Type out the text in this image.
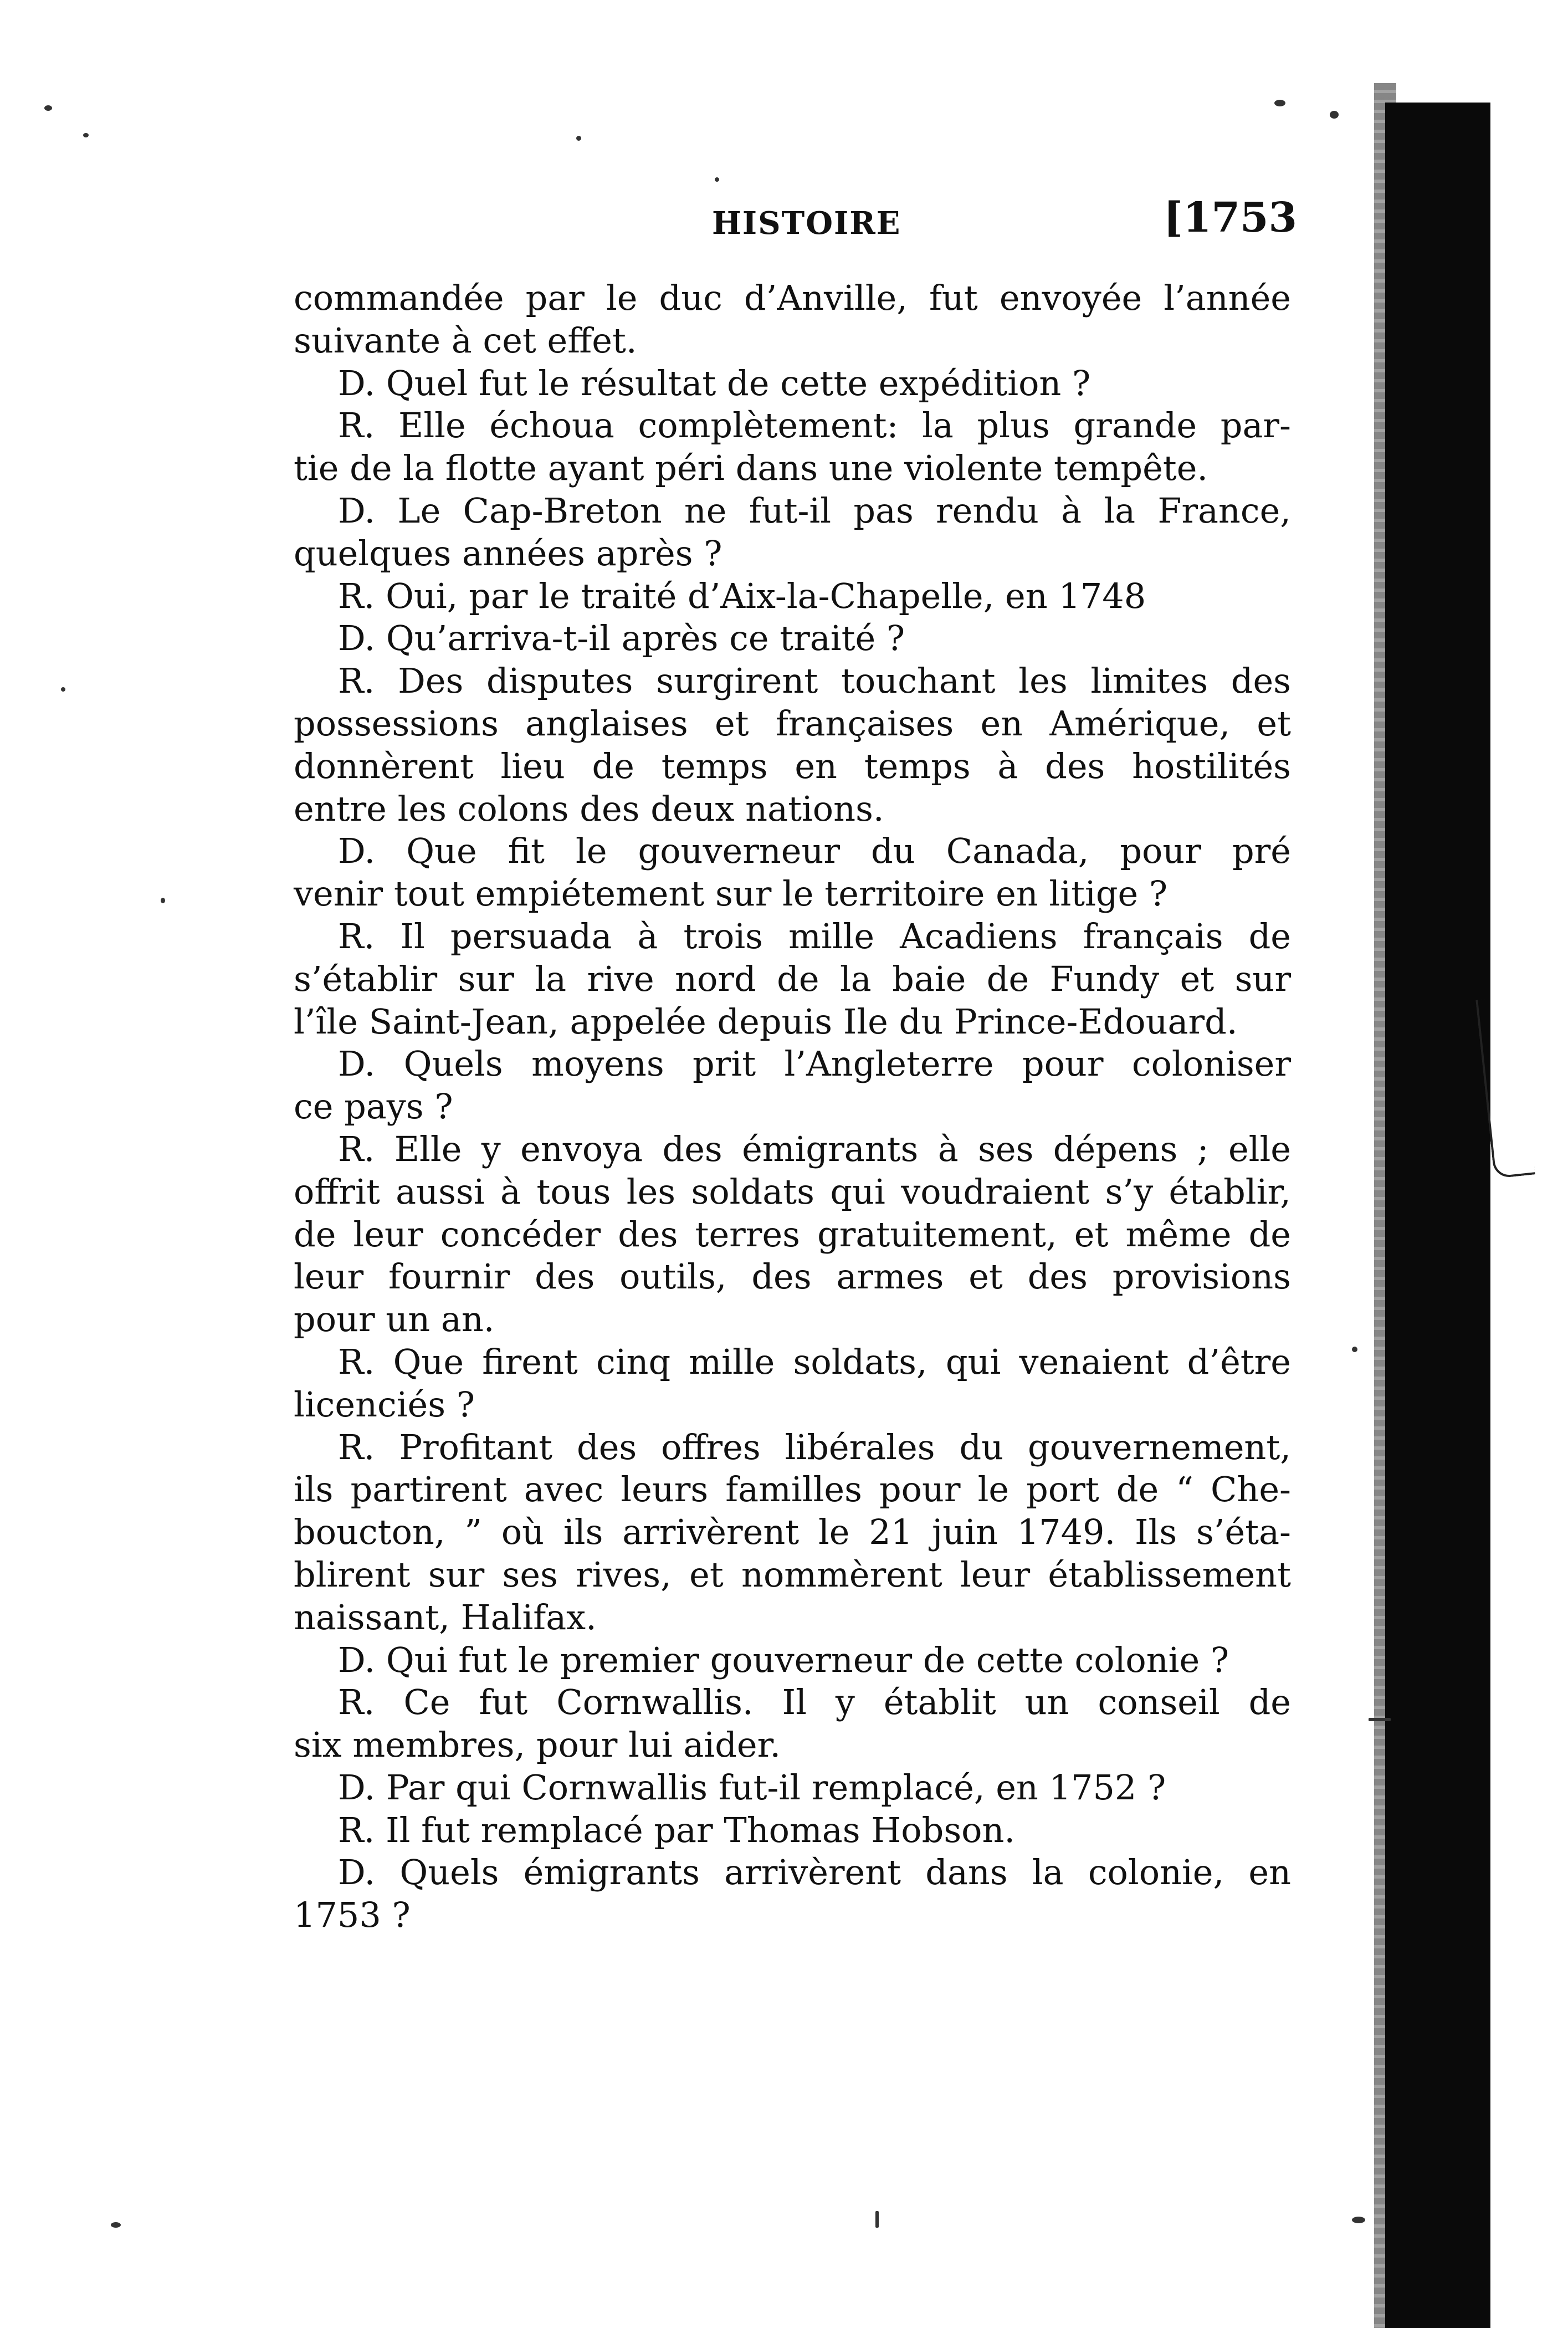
HISTOIRE	[1753
commandée par le duc d’Anville, fut envoyée l’année
suivante à cet effet.
D. Quel fut le résultat de cette expédition ?
R. Elle échoua complètement: la plus grande par-
tie de la flotte ayant péri dans une violente tempête.
D. Le Cap-Breton ne fut-il pas rendu à la France,
quelques années après ?
R. Oui, par le traité d’Aix-la-Chapelle, en 1748
D. Qu’arriva-t-il après ce traité ?
R. Des disputes surgirent touchant les limites des
possessions anglaises et françaises en Amérique, et
donnèrent lieu de temps en temps à des hostilités
entre les colons des deux nations.
D. Que fit le gouverneur du Canada, pour pré
venir tout empiétement sur le territoire en litige ?
R. Il persuada à trois mille Acadiens français de
s’établir sur la rive nord de la baie de Fundy et sur
l’île Saint-Jean, appelée depuis Ile du Prince-Edouard.
D. Quels moyens prit l’Angleterre pour coloniser
ce pays ?
R. Elle y envoya des émigrants à ses dépens ; elle
offrit aussi à tous les soldats qui voudraient s’y établir,
de leur concéder des terres gratuitement, et même de
leur fournir des outils, des armes et des provisions
pour un an.
R. Que firent cinq mille soldats, qui venaient d’être
licenciés ?
R. Profitant des offres libérales du gouvernement,
ils partirent avec leurs familles pour le port de “ Che-
boucton, ” où ils arrivèrent le 21 juin 1749. Ils s’éta-
blirent sur ses rives, et nommèrent leur établissement
naissant, Halifax.
D. Qui fut le premier gouverneur de cette colonie ?
R. Ce fut Cornwallis. Il y établit un conseil de
six membres, pour lui aider.
D. Par qui Cornwallis fut-il remplacé, en 1752 ?
R. Il fut remplacé par Thomas Hobson.
D. Quels émigrants arrivèrent dans la colonie, en
1753 ?
